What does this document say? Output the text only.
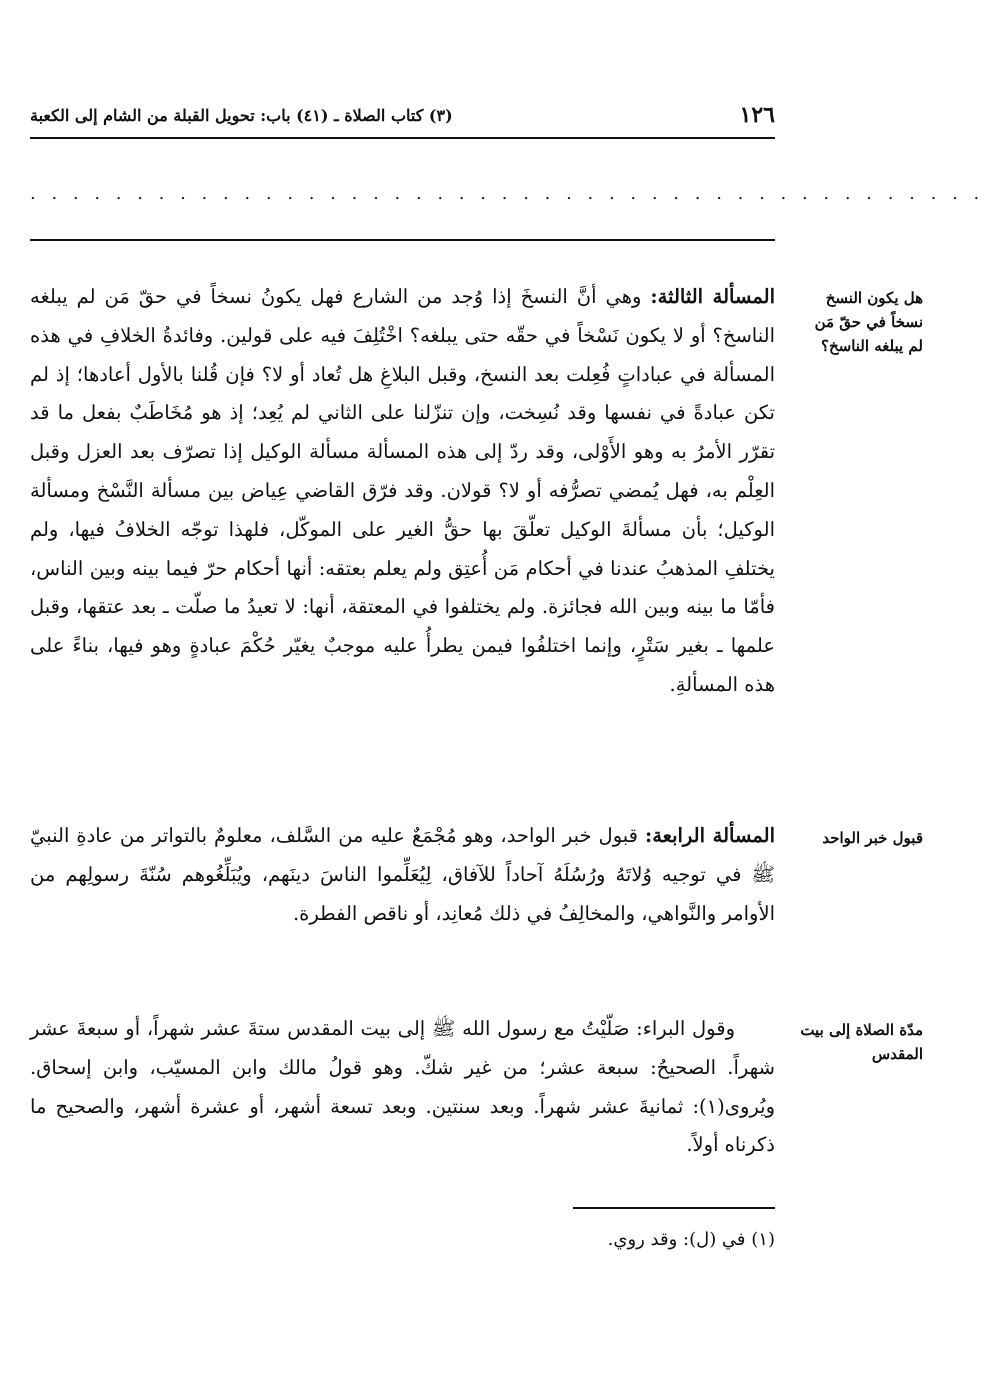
١٢٦
(٣) كتاب الصلاة ـ (٤١) باب: تحويل القبلة من الشام إلى الكعبة
. . . . . . . . . . . . . . . . . . . . . . . . . . . . . . . . . . . . . . . . . . . . .
هل يكون النسخ نسخاً في حقّ مَن لم يبلغه الناسخ؟
المسألة الثالثة: وهي أنَّ النسخَ إذا وُجد من الشارع فهل يكونُ نسخاً في حقّ مَن لم يبلغه الناسخ؟ أو لا يكون نَسْخاً في حقّه حتى يبلغه؟ اخْتُلِفَ فيه على قولين. وفائدةُ الخلافِ في هذه المسألة في عباداتٍ فُعِلت بعد النسخ، وقبل البلاغِ هل تُعاد أو لا؟ فإن قُلنا بالأول أعادها؛ إذ لم تكن عبادةً في نفسها وقد نُسِخت، وإن تنزّلنا على الثاني لم يُعِد؛ إذ هو مُخَاطَبٌ بفعل ما قد تقرّر الأمرُ به وهو الأَوْلى، وقد ردّ إلى هذه المسألة مسألة الوكيل إذا تصرّف بعد العزل وقبل العِلْم به، فهل يُمضي تصرُّفه أو لا؟ قولان. وقد فرّق القاضي عِياض بين مسألة النَّسْخ ومسألة الوكيل؛ بأن مسألةَ الوكيل تعلّقَ بها حقُّ الغير على الموكّل، فلهذا توجّه الخلافُ فيها، ولم يختلفِ المذهبُ عندنا في أحكام مَن أُعتِق ولم يعلم بعتقه: أنها أحكام حرّ فيما بينه وبين الناس، فأمّا ما بينه وبين الله فجائزة. ولم يختلفوا في المعتقة، أنها: لا تعيدُ ما صلّت ـ بعد عتقها، وقبل علمها ـ بغير سَتْرٍ، وإنما اختلفُوا فيمن يطرأُ عليه موجبٌ يغيّر حُكْمَ عبادةٍ وهو فيها، بناءً على هذه المسألةِ.
قبول خبر الواحد
المسألة الرابعة: قبول خبر الواحد، وهو مُجْمَعٌ عليه من السَّلف، معلومٌ بالتواتر من عادةِ النبيّ ﷺ في توجيه وُلاتَهُ ورُسُلَهُ آحاداً للآفاق، لِيُعَلِّموا الناسَ دينَهم، ويُبَلِّغُوهم سُنّةَ رسولِهم من الأوامر والنَّواهي، والمخالِفُ في ذلك مُعانِد، أو ناقص الفطرة.
مدّة الصلاة إلى بيت المقدس
وقول البراء: صَلّيْتُ مع رسول الله ﷺ إلى بيت المقدس ستةَ عشر شهراً، أو سبعةَ عشر شهراً. الصحيحُ: سبعة عشر؛ من غير شكّ. وهو قولُ مالك وابن المسيّب، وابن إسحاق. ويُروى(١): ثمانيةَ عشر شهراً. وبعد سنتين. وبعد تسعة أشهر، أو عشرة أشهر، والصحيح ما ذكرناه أولاً.
(١) في (ل): وقد روي.
